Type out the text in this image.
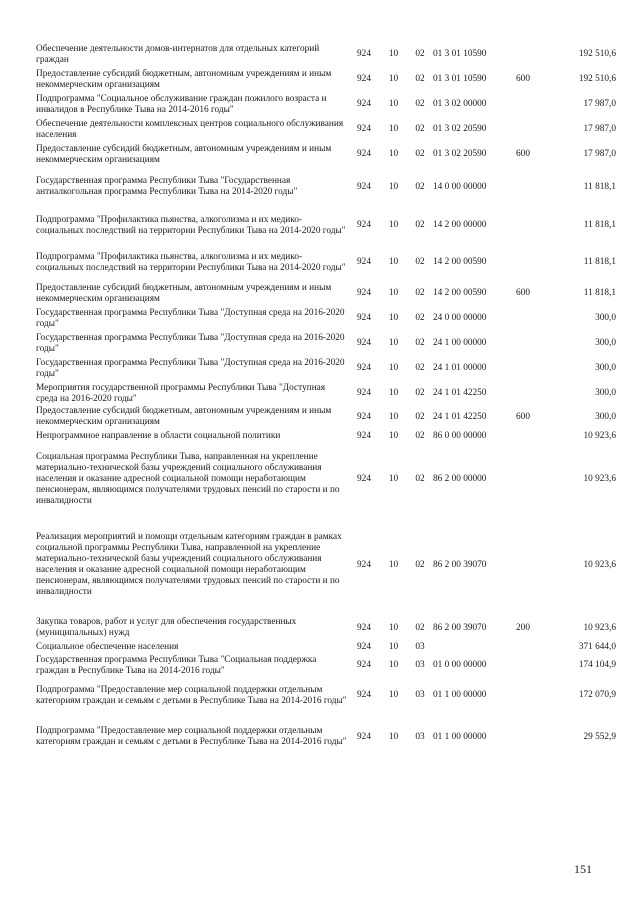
Обеспечение деятельности домов-интернатов для отдельных категорий граждан	924	10	02	01 3 01 10590		192 510,6
Предоставление субсидий бюджетным, автономным учреждениям и иным некоммерческим организациям	924	10	02	01 3 01 10590	600	192 510,6
Подпрограмма "Социальное обслуживание граждан пожилого возраста и инвалидов в Республике Тыва на 2014-2016 годы"	924	10	02	01 3 02 00000		17 987,0
Обеспечение деятельности комплексных центров социального обслуживания населения	924	10	02	01 3 02 20590		17 987,0
Предоставление субсидий бюджетным, автономным учреждениям и иным некоммерческим организациям	924	10	02	01 3 02 20590	600	17 987,0
Государственная программа Республики Тыва "Государственная антиалкогольная программа Республики Тыва на 2014-2020 годы"	924	10	02	14 0 00 00000		11 818,1
Подпрограмма "Профилактика пьянства, алкоголизма и их медико-социальных последствий на территории Республики Тыва на 2014-2020 годы"	924	10	02	14 2 00 00000		11 818,1
Подпрограмма "Профилактика пьянства, алкоголизма и их медико-социальных последствий на территории Республики Тыва на 2014-2020 годы"	924	10	02	14 2 00 00590		11 818,1
Предоставление субсидий бюджетным, автономным учреждениям и иным некоммерческим организациям	924	10	02	14 2 00 00590	600	11 818,1
Государственная программа Республики Тыва "Доступная среда на 2016-2020 годы"	924	10	02	24 0 00 00000		300,0
Государственная программа Республики Тыва "Доступная среда на 2016-2020 годы"	924	10	02	24 1 00 00000		300,0
Государственная программа Республики Тыва "Доступная среда на 2016-2020 годы"	924	10	02	24 1 01 00000		300,0
Мероприятия государственной программы Республики Тыва "Доступная среда на 2016-2020 годы"	924	10	02	24 1 01 42250		300,0
Предоставление субсидий бюджетным, автономным учреждениям и иным некоммерческим организациям	924	10	02	24 1 01 42250	600	300,0
Непрограммное направление в области социальной политики	924	10	02	86 0 00 00000		10 923,6
Социальная программа Республики Тыва, направленная на укрепление материально-технической базы учреждений социального обслуживания населения и оказание адресной социальной помощи неработающим пенсионерам, являющимся получателями трудовых пенсий по старости и по инвалидности	924	10	02	86 2 00 00000		10 923,6
Реализация мероприятий и помощи отдельным категориям граждан в рамках социальной программы Республики Тыва, направленной на укрепление материально-технической базы учреждений социального обслуживания населения и оказание адресной социальной помощи неработающим пенсионерам, являющимся получателями трудовых пенсий по старости и по инвалидности	924	10	02	86 2 00 39070		10 923,6
Закупка товаров, работ и услуг для обеспечения государственных (муниципальных) нужд	924	10	02	86 2 00 39070	200	10 923,6
Социальное обеспечение населения	924	10	03			371 644,0
Государственная программа Республики Тыва "Социальная поддержка граждан в Республике Тыва на 2014-2016 годы"	924	10	03	01 0 00 00000		174 104,9
Подпрограмма "Предоставление мер социальной поддержки отдельным категориям граждан и семьям с детьми в Республике Тыва на 2014-2016 годы"	924	10	03	01 1 00 00000		172 070,9
Подпрограмма "Предоставление мер социальной поддержки отдельным категориям граждан и семьям с детьми в Республике Тыва на 2014-2016 годы"	924	10	03	01 1 00 00000		29 552,9
151
